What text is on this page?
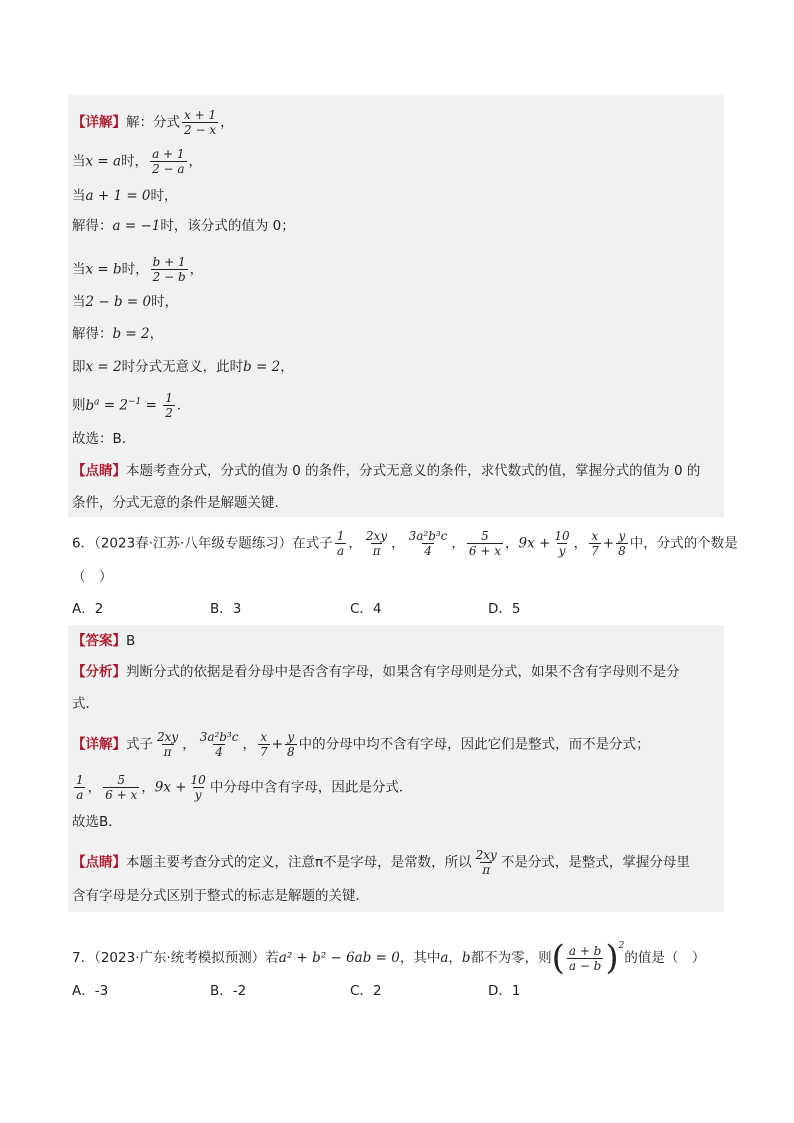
【详解】解：分式 $\frac{x + 1}{2 - x}$ ，
当x = a时， $\frac{a + 1}{2 - a}$ ，
当a + 1 = 0时，
解得：a = −1时，该分式的值为 0；
当x = b时， $\frac{b + 1}{2 - b}$ ，
当2 − b = 0时，
解得：b = 2，
即x = 2时分式无意义，此时b = 2，
则$b^a = 2^{-1} = \frac{1}{2}$ ．
故选：B．
【点睛】本题考查分式，分式的值为 0 的条件，分式无意义的条件，求代数式的值，掌握分式的值为 0 的
条件，分式无意的条件是解题关键．
6．（2023春·江苏·八年级专题练习）在式子 $\frac{1}{a}$ ， $\frac{2xy}{\pi}$ ， $\frac{\text{3a²b³c}}{4}$ ， $\frac{5}{6 + x}$ ，$9x + \frac{10}{y}$ ， $\frac{x}{7} + \frac{y}{8}$ 中，分式的个数是
（　）
A．2	B．3	C．4	D．5
【答案】B
【分析】判断分式的依据是看分母中是否含有字母，如果含有字母则是分式，如果不含有字母则不是分
式．
【详解】式子 $\frac{2xy}{\pi}$ ， $\frac{\text{3a²b³c}}{4}$ ， $\frac{x}{7} + \frac{y}{8}$ 中的分母中均不含有字母，因此它们是整式，而不是分式；
$\frac{1}{a}$ ， $\frac{5}{6 + x}$ ，$9x + \frac{10}{y}$ 中分母中含有字母，因此是分式．
故选B．
【点睛】本题主要考查分式的定义，注意π不是字母，是常数，所以 $\frac{2xy}{\pi}$ 不是分式，是整式，掌握分母里
含有字母是分式区别于整式的标志是解题的关键．
7．（2023·广东·统考模拟预测）若a² + b² − 6ab = 0，其中a，b都不为零，则( $\frac{a + b}{a - b} )^2$的值是（　）
A．-3	B．-2	C．2	D．1
